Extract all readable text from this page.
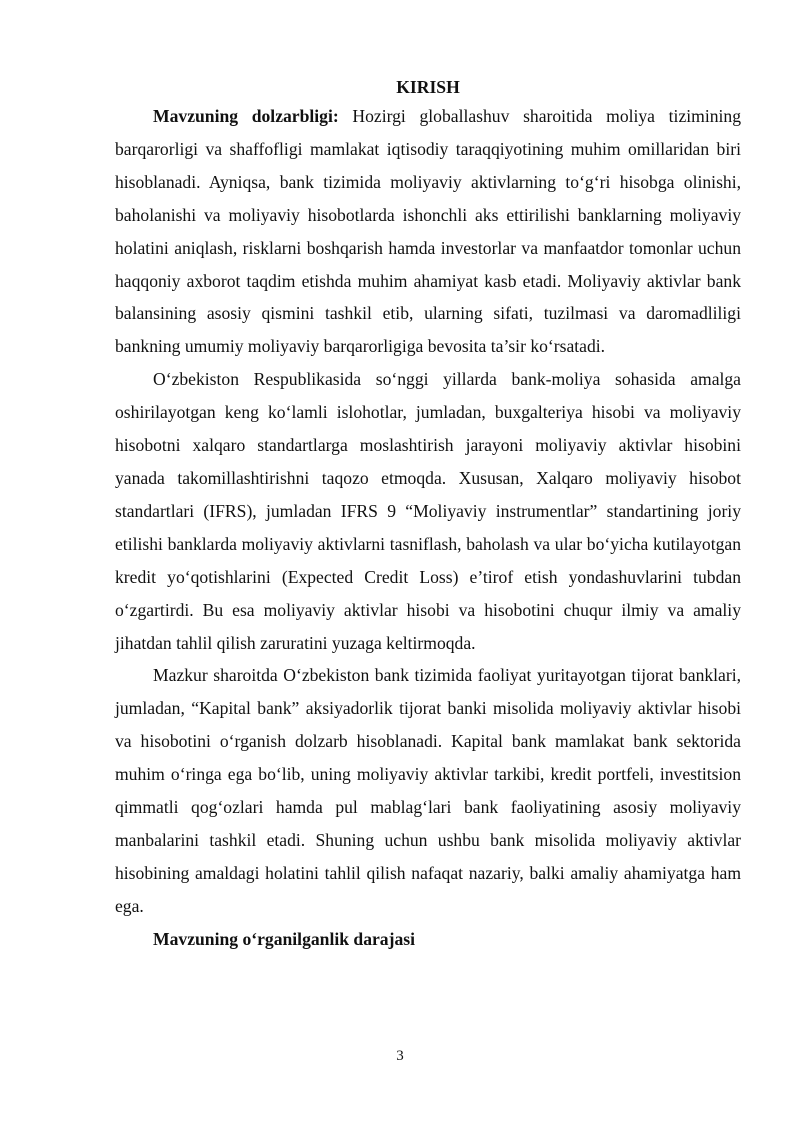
KIRISH

Mavzuning dolzarbligi: Hozirgi globallashuv sharoitida moliya tizimining barqarorligi va shaffofligi mamlakat iqtisodiy taraqqiyotining muhim omillaridan biri hisoblanadi. Ayniqsa, bank tizimida moliyaviy aktivlarning to‘g‘ri hisobga olinishi, baholanishi va moliyaviy hisobotlarda ishonchli aks ettirilishi banklarning moliyaviy holatini aniqlash, risklarni boshqarish hamda investorlar va manfaatdor tomonlar uchun haqqoniy axborot taqdim etishda muhim ahamiyat kasb etadi. Moliyaviy aktivlar bank balansining asosiy qismini tashkil etib, ularning sifati, tuzilmasi va daromadliligi bankning umumiy moliyaviy barqarorligiga bevosita ta’sir ko‘rsatadi.

O‘zbekiston Respublikasida so‘nggi yillarda bank-moliya sohasida amalga oshirilayotgan keng ko‘lamli islohotlar, jumladan, buxgalteriya hisobi va moliyaviy hisobotni xalqaro standartlarga moslashtirish jarayoni moliyaviy aktivlar hisobini yanada takomillashtirishni taqozo etmoqda. Xususan, Xalqaro moliyaviy hisobot standartlari (IFRS), jumladan IFRS 9 “Moliyaviy instrumentlar” standartining joriy etilishi banklarda moliyaviy aktivlarni tasniflash, baholash va ular bo‘yicha kutilayotgan kredit yo‘qotishlarini (Expected Credit Loss) e’tirof etish yondashuvlarini tubdan o‘zgartirdi. Bu esa moliyaviy aktivlar hisobi va hisobotini chuqur ilmiy va amaliy jihatdan tahlil qilish zaruratini yuzaga keltirmoqda.

Mazkur sharoitda O‘zbekiston bank tizimida faoliyat yuritayotgan tijorat banklari, jumladan, “Kapital bank” aksiyadorlik tijorat banki misolida moliyaviy aktivlar hisobi va hisobotini o‘rganish dolzarb hisoblanadi. Kapital bank mamlakat bank sektorida muhim o‘ringa ega bo‘lib, uning moliyaviy aktivlar tarkibi, kredit portfeli, investitsion qimmatli qog‘ozlari hamda pul mablag‘lari bank faoliyatining asosiy moliyaviy manbalarini tashkil etadi. Shuning uchun ushbu bank misolida moliyaviy aktivlar hisobining amaldagi holatini tahlil qilish nafaqat nazariy, balki amaliy ahamiyatga ham ega.

Mavzuning o‘rganilganlik darajasi

3
